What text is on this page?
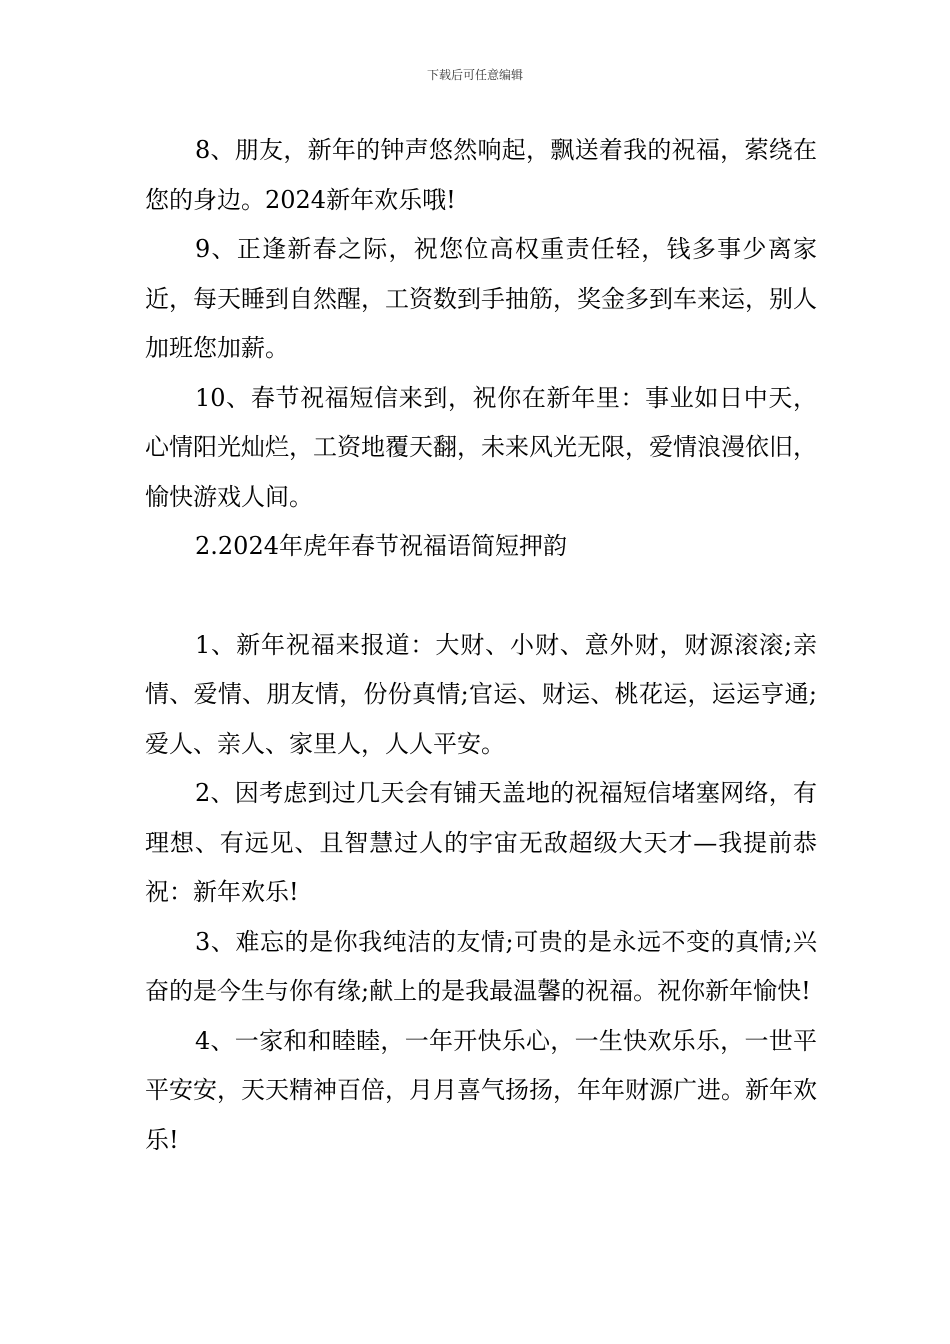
下载后可任意编辑

8、朋友，新年的钟声悠然响起，飘送着我的祝福，萦绕在您的身边。2024新年欢乐哦!

9、正逢新春之际，祝您位高权重责任轻，钱多事少离家近，每天睡到自然醒，工资数到手抽筋，奖金多到车来运，别人加班您加薪。

10、春节祝福短信来到，祝你在新年里：事业如日中天，心情阳光灿烂，工资地覆天翻，未来风光无限，爱情浪漫依旧，愉快游戏人间。

2.2024年虎年春节祝福语简短押韵

1、新年祝福来报道：大财、小财、意外财，财源滚滚;亲情、爱情、朋友情，份份真情;官运、财运、桃花运，运运亨通;爱人、亲人、家里人，人人平安。

2、因考虑到过几天会有铺天盖地的祝福短信堵塞网络，有理想、有远见、且智慧过人的宇宙无敌超级大天才—我提前恭祝：新年欢乐!

3、难忘的是你我纯洁的友情;可贵的是永远不变的真情;兴奋的是今生与你有缘;献上的是我最温馨的祝福。祝你新年愉快!

4、一家和和睦睦，一年开快乐心，一生快欢乐乐，一世平平安安，天天精神百倍，月月喜气扬扬，年年财源广进。新年欢乐!
